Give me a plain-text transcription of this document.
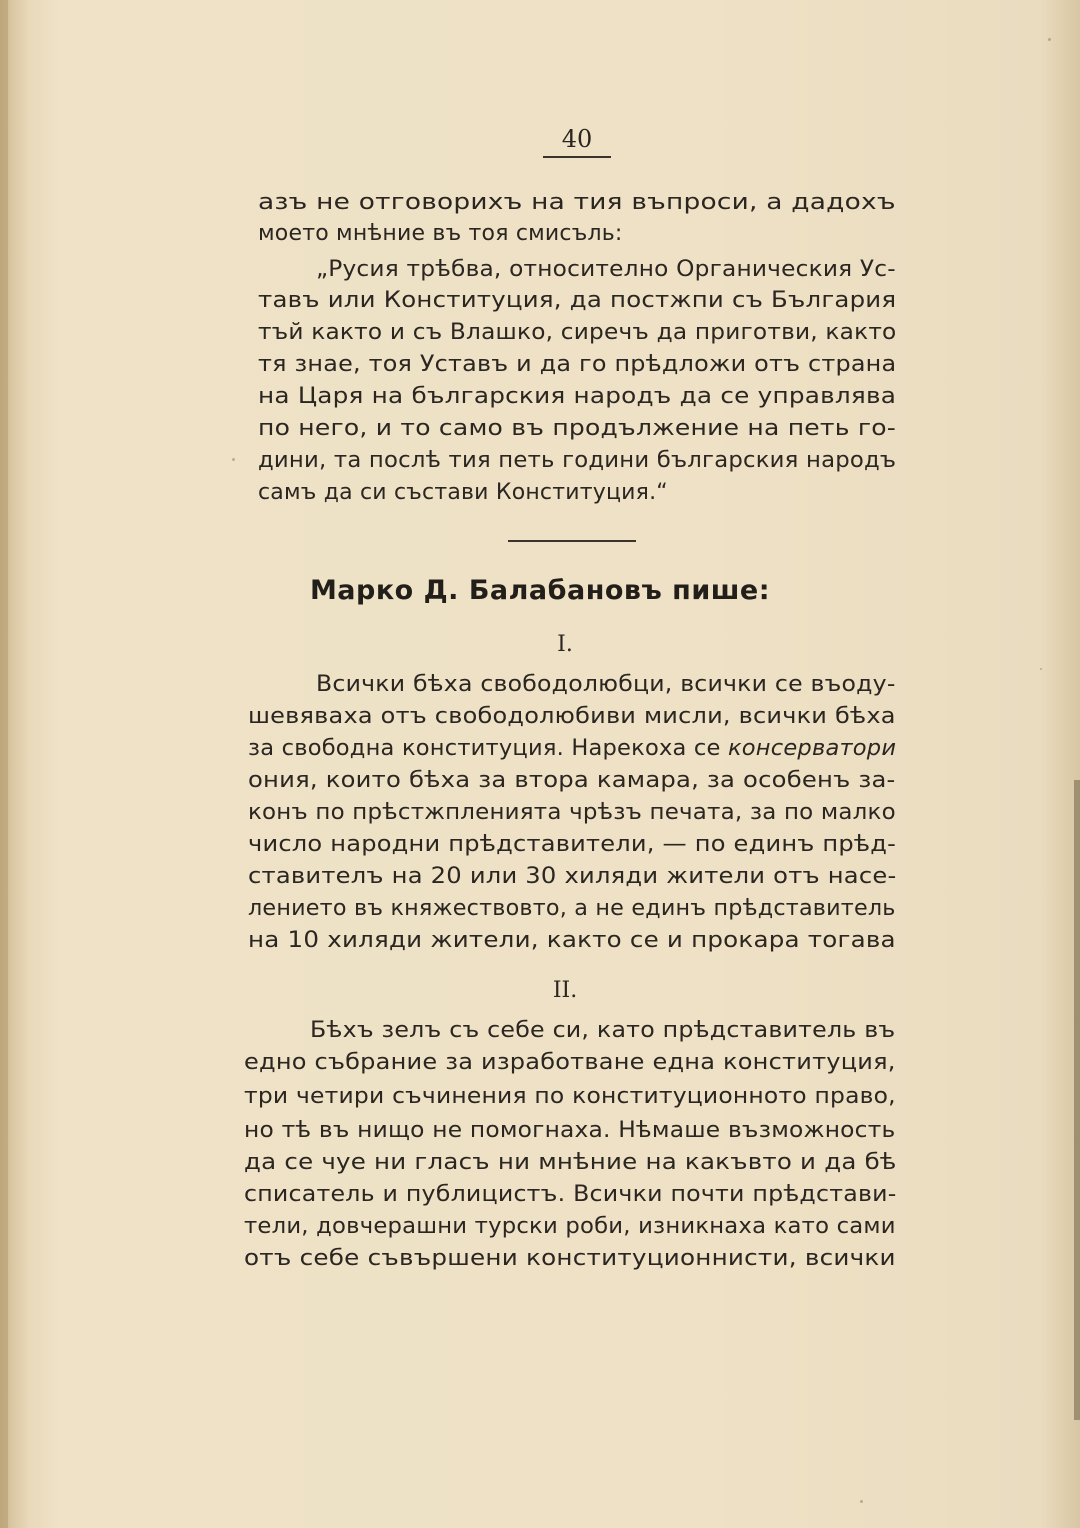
40
азъ не отговорихъ на тия въпроси, а дадохъ
моето мнѣние въ тоя смисъль:
„Русия трѣбва, относително Органическия Ус-
тавъ или Конституция, да постжпи съ България
тъй както и съ Влашко, сиречъ да приготви, както
тя знае, тоя Уставъ и да го прѣдложи отъ страна
на Царя на българския народъ да се управлява
по него, и то само въ продължение на петь го-
дини, та послѣ тия петь години българския народъ
самъ да си състави Конституция.“
Марко Д. Балабановъ пише:
I.
Всички бѣха свободолюбци, всички се въоду-
шевяваха отъ свободолюбиви мисли, всички бѣха
за свободна конституция. Нарекоха се консерватори
ония, които бѣха за втора камара, за особенъ за-
конъ по прѣстжпленията чрѣзъ печата, за по малко
число народни прѣдставители, — по единъ прѣд-
ставителъ на 20 или 30 хиляди жители отъ насе-
лението въ княжествовто, а не единъ прѣдставитель
на 10 хиляди жители, както се и прокара тогава
II.
Бѣхъ зелъ съ себе си, като прѣдставитель въ
едно събрание за изработване една конституция,
три четири съчинения по конституционното право,
но тѣ въ нищо не помогнаха. Нѣмаше възможность
да се чуе ни гласъ ни мнѣние на какъвто и да бѣ
списатель и публицистъ. Всички почти прѣдстави-
тели, довчерашни турски роби, изникнаха като сами
отъ себе съвършени конституционнисти, всички
